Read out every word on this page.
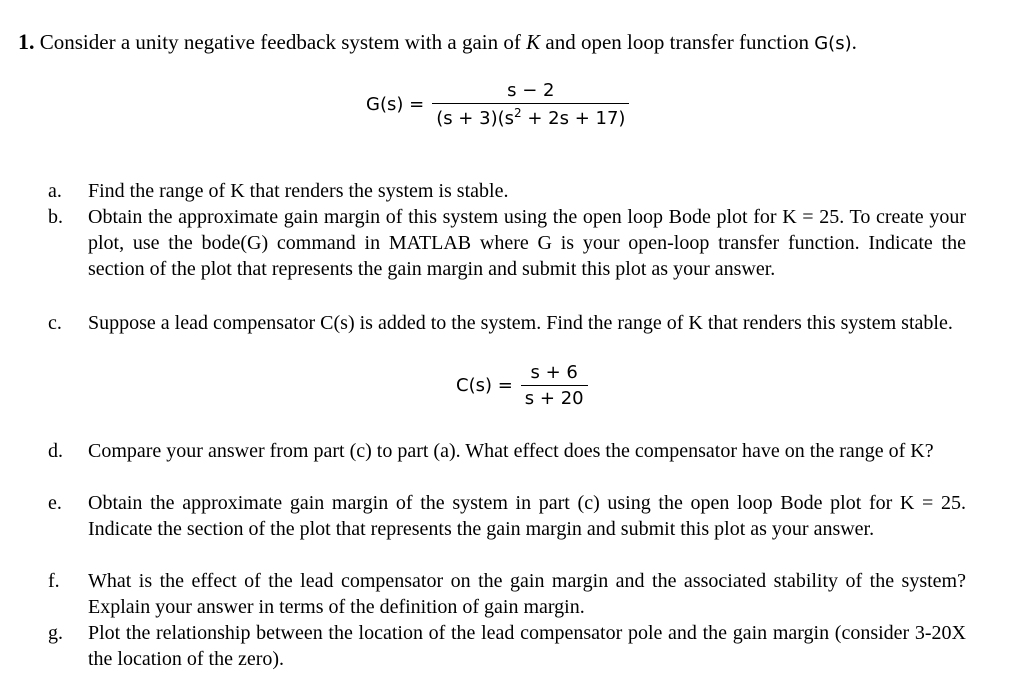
1. Consider a unity negative feedback system with a gain of K and open loop transfer function G(s).
$G(s) = \frac{s - 2}{(s + 3)(s^2 + 2s + 17)}$
a.	Find the range of K that renders the system is stable.
b.	Obtain the approximate gain margin of this system using the open loop Bode plot for K = 25. To create your plot, use the bode(G) command in MATLAB where G is your open-loop transfer function. Indicate the section of the plot that represents the gain margin and submit this plot as your answer.
c.	Suppose a lead compensator C(s) is added to the system. Find the range of K that renders this system stable.
d.	Compare your answer from part (c) to part (a). What effect does the compensator have on the range of K?
e.	Obtain the approximate gain margin of the system in part (c) using the open loop Bode plot for K = 25. Indicate the section of the plot that represents the gain margin and submit this plot as your answer.
f.	What is the effect of the lead compensator on the gain margin and the associated stability of the system? Explain your answer in terms of the definition of gain margin.
g.	Plot the relationship between the location of the lead compensator pole and the gain margin (consider 3-20X the location of the zero).
$C(s) = \frac{s + 6}{s + 20}$
